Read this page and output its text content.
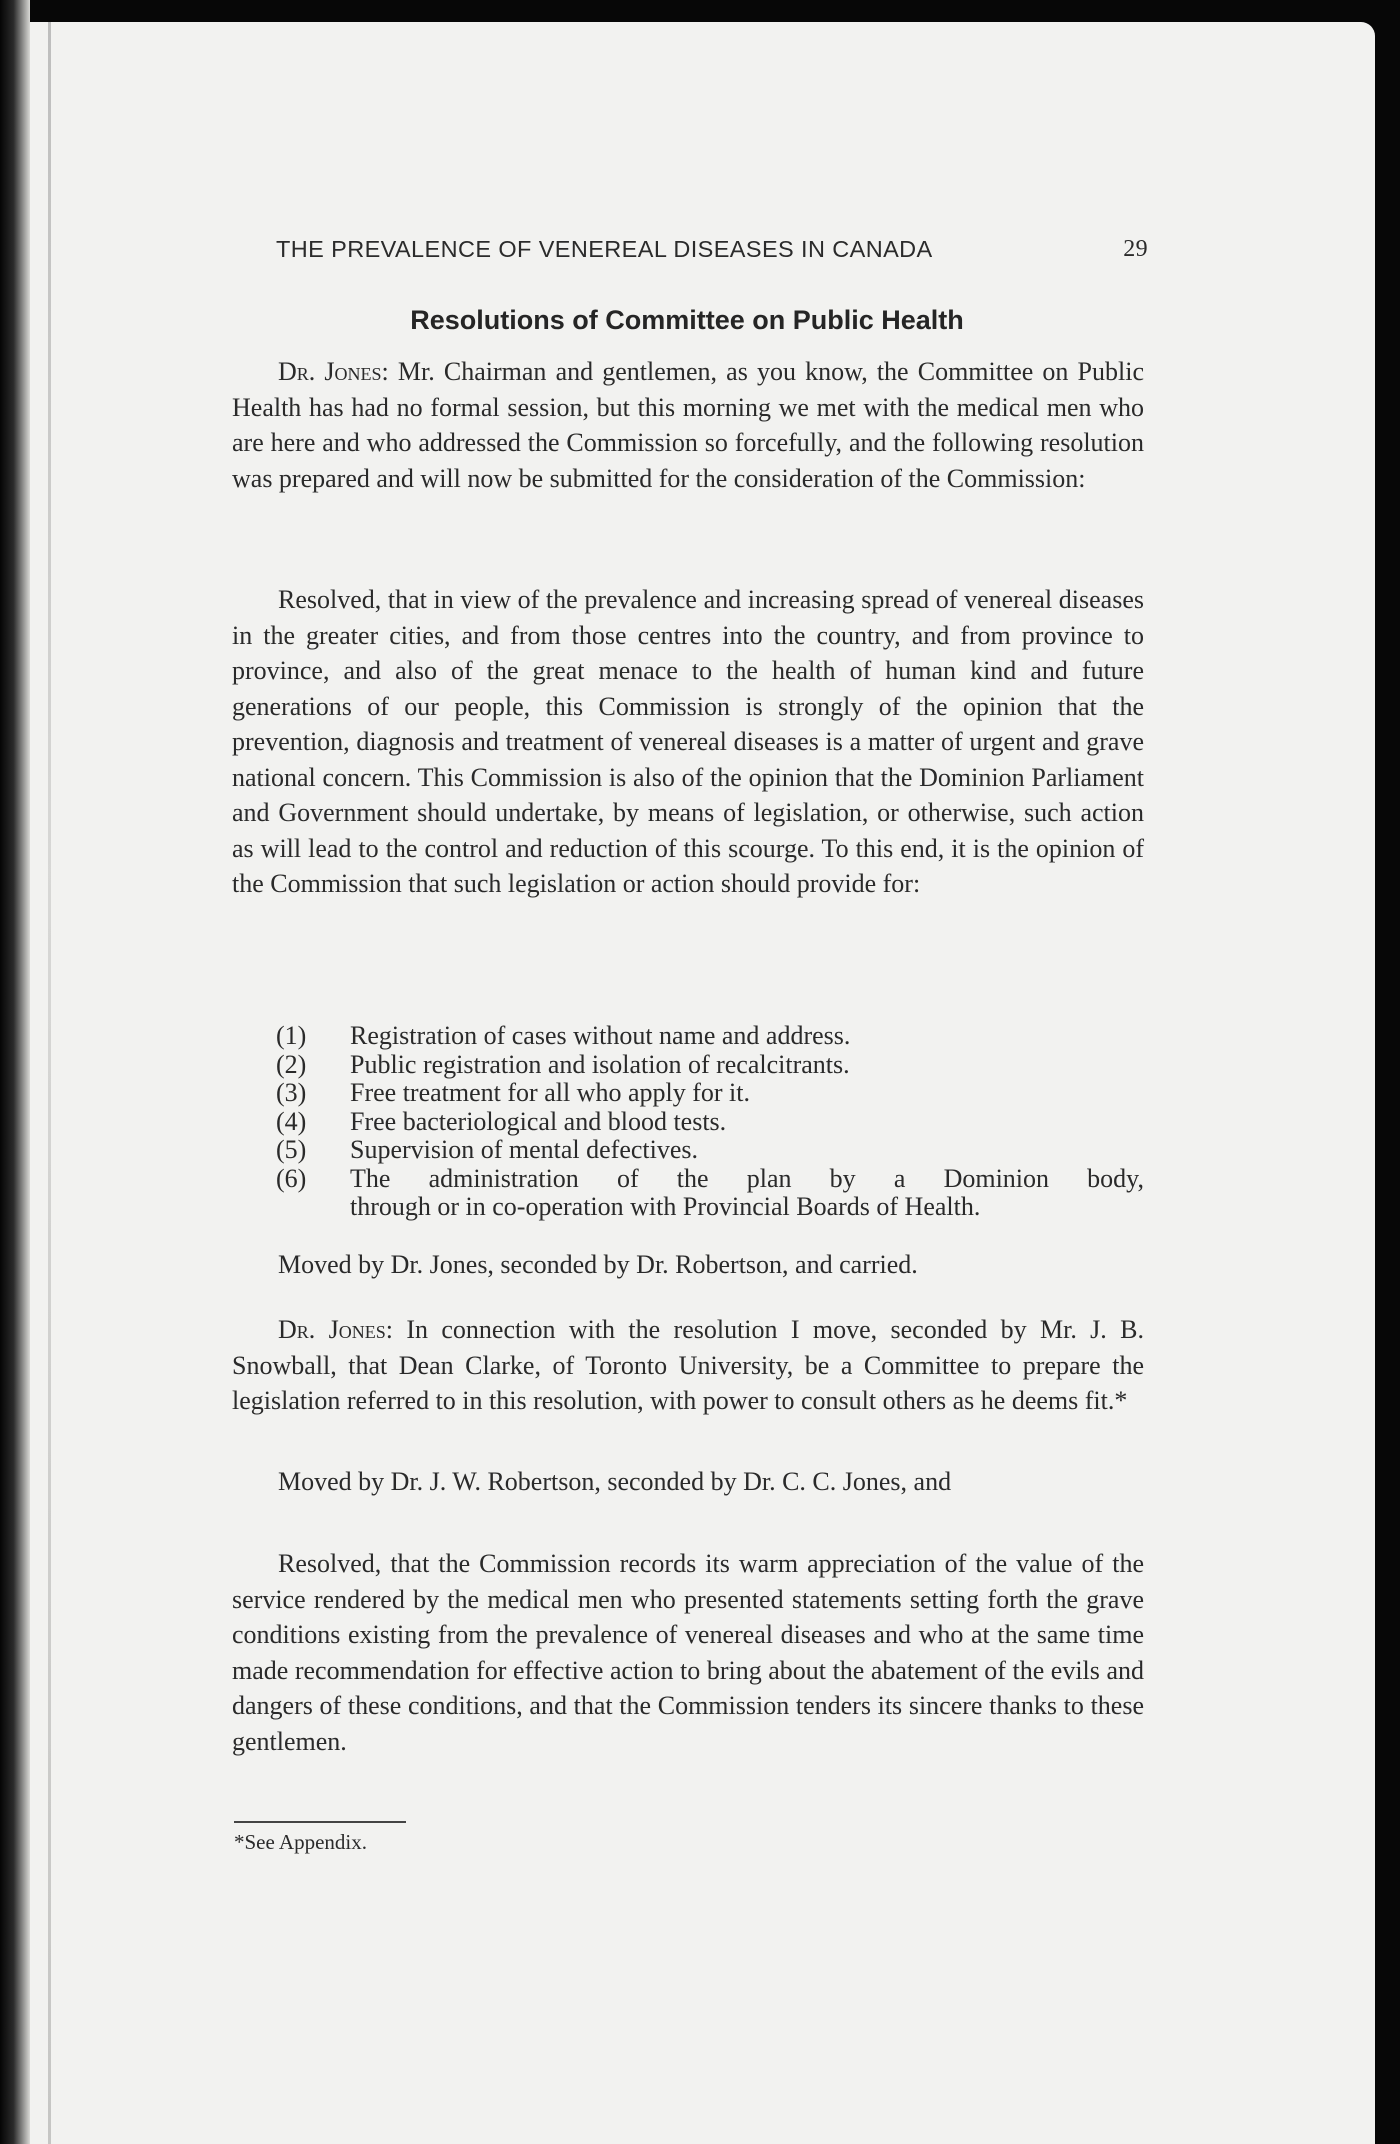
THE PREVALENCE OF VENEREAL DISEASES IN CANADA	29
Resolutions of Committee on Public Health

Dr. Jones: Mr. Chairman and gentlemen, as you know, the Committee on Public Health has had no formal session, but this morning we met with the medical men who are here and who addressed the Commission so forcefully, and the following resolution was prepared and will now be submitted for the consideration of the Commission:

Resolved, that in view of the prevalence and increasing spread of venereal diseases in the greater cities, and from those centres into the country, and from province to province, and also of the great menace to the health of human kind and future generations of our people, this Commission is strongly of the opinion that the prevention, diagnosis and treatment of venereal diseases is a matter of urgent and grave national concern. This Commission is also of the opinion that the Dominion Parliament and Government should undertake, by means of legislation, or otherwise, such action as will lead to the control and reduction of this scourge. To this end, it is the opinion of the Commission that such legislation or action should provide for:

(1) Registration of cases without name and address.
(2) Public registration and isolation of recalcitrants.
(3) Free treatment for all who apply for it.
(4) Free bacteriological and blood tests.
(5) Supervision of mental defectives.
(6) The administration of the plan by a Dominion body,
through or in co-operation with Provincial Boards of Health.

Moved by Dr. Jones, seconded by Dr. Robertson, and carried.

Dr. Jones: In connection with the resolution I move, seconded by Mr. J. B. Snowball, that Dean Clarke, of Toronto University, be a Committee to prepare the legislation referred to in this resolution, with power to consult others as he deems fit.*

Moved by Dr. J. W. Robertson, seconded by Dr. C. C. Jones, and

Resolved, that the Commission records its warm appreciation of the value of the service rendered by the medical men who presented statements setting forth the grave conditions existing from the prevalence of venereal diseases and who at the same time made recommendation for effective action to bring about the abatement of the evils and dangers of these conditions, and that the Commission tenders its sincere thanks to these gentlemen.

*See Appendix.
